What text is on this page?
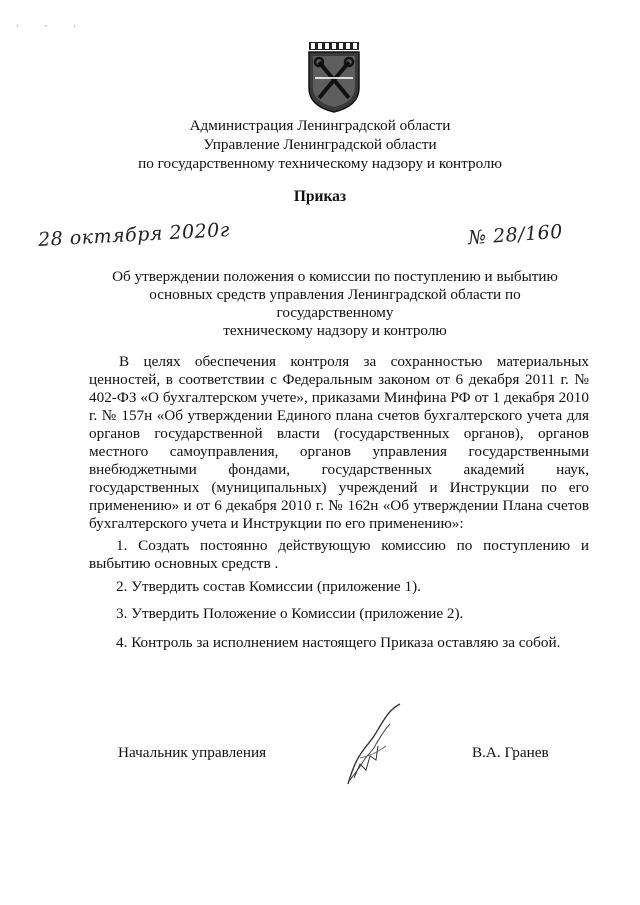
· · ·
Администрация Ленинградской области
Управление Ленинградской области
по государственному техническому надзору и контролю
Приказ
28 октября 2020г	№ 28/160
Об утверждении положения о комиссии по поступлению и выбытию
основных средств управления Ленинградской области по государственному
техническому надзору и контролю
В целях обеспечения контроля за сохранностью материальных ценностей, в соответствии с Федеральным законом от 6 декабря 2011 г. № 402-ФЗ «О бухгалтерском учете», приказами Минфина РФ от 1 декабря 2010 г. № 157н «Об утверждении Единого плана счетов бухгалтерского учета для органов государственной власти (государственных органов), органов местного самоуправления, органов управления государственными внебюджетными фондами, государственных академий наук, государственных (муниципальных) учреждений и Инструкции по его применению» и от 6 декабря 2010 г. № 162н «Об утверждении Плана счетов бухгалтерского учета и Инструкции по его применению»:
1. Создать постоянно действующую комиссию по поступлению и выбытию основных средств .
2. Утвердить состав Комиссии (приложение 1).
3. Утвердить Положение о Комиссии (приложение 2).
4. Контроль за исполнением настоящего Приказа оставляю за собой.
Начальник управления	В.А. Гранев
